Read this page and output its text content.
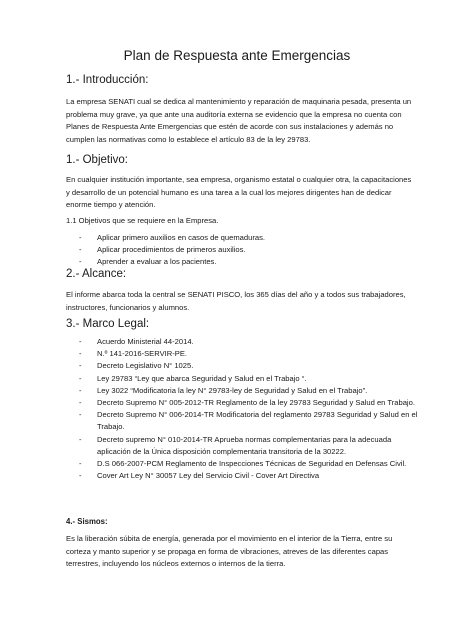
Plan de Respuesta ante Emergencias
1.- Introducción:

La empresa SENATI cual se dedica al mantenimiento y reparación de maquinaria pesada, presenta un problema muy grave, ya que ante una auditoría externa se evidencio que la empresa no cuenta con Planes de Respuesta Ante Emergencias que estén de acorde con sus instalaciones y además no cumplen las normativas como lo establece el artículo 83 de la ley 29783.

1.- Objetivo:

En cualquier institución importante, sea empresa, organismo estatal o cualquier otra, la capacitaciones y desarrollo de un potencial humano es una tarea a la cual los mejores dirigentes han de dedicar enorme tiempo y atención.

1.1 Objetivos que se requiere en la Empresa.

- Aplicar primero auxilios en casos de quemaduras.
- Aplicar procedimientos de primeros auxilios.
- Aprender a evaluar a los pacientes.
2.- Alcance:

El informe abarca toda la central se SENATI PISCO, los 365 días del año y a todos sus trabajadores, instructores, funcionarios y alumnos.

3.- Marco Legal:
- Acuerdo Ministerial 44-2014.
- N.º 141-2016-SERVIR-PE.
- Decreto Legislativo N° 1025.
- Ley 29783 “Ley que abarca Seguridad y Salud en el Trabajo “.
- Ley 3022 “Modificatoria la ley N° 29783-ley de Seguridad y Salud en el Trabajo”.
- Decreto Supremo N° 005-2012-TR Reglamento de la ley 29783 Seguridad y Salud en Trabajo.
- Decreto Supremo N° 006-2014-TR Modificatoria del reglamento 29783 Seguridad y Salud en el Trabajo.
- Decreto supremo N° 010-2014-TR Aprueba normas complementarias para la adecuada aplicación de la Única disposición complementaria transitoria de la 30222.
- D.S 066-2007-PCM Reglamento de Inspecciones Técnicas de Seguridad en Defensas Civil.
- Cover Art Ley N° 30057 Ley del Servicio Civil - Cover Art Directiva
4.- Sismos:

Es la liberación súbita de energía, generada por el movimiento en el interior de la Tierra, entre su corteza y manto superior y se propaga en forma de vibraciones, atreves de las diferentes capas terrestres, incluyendo los núcleos externos o internos de la tierra.
